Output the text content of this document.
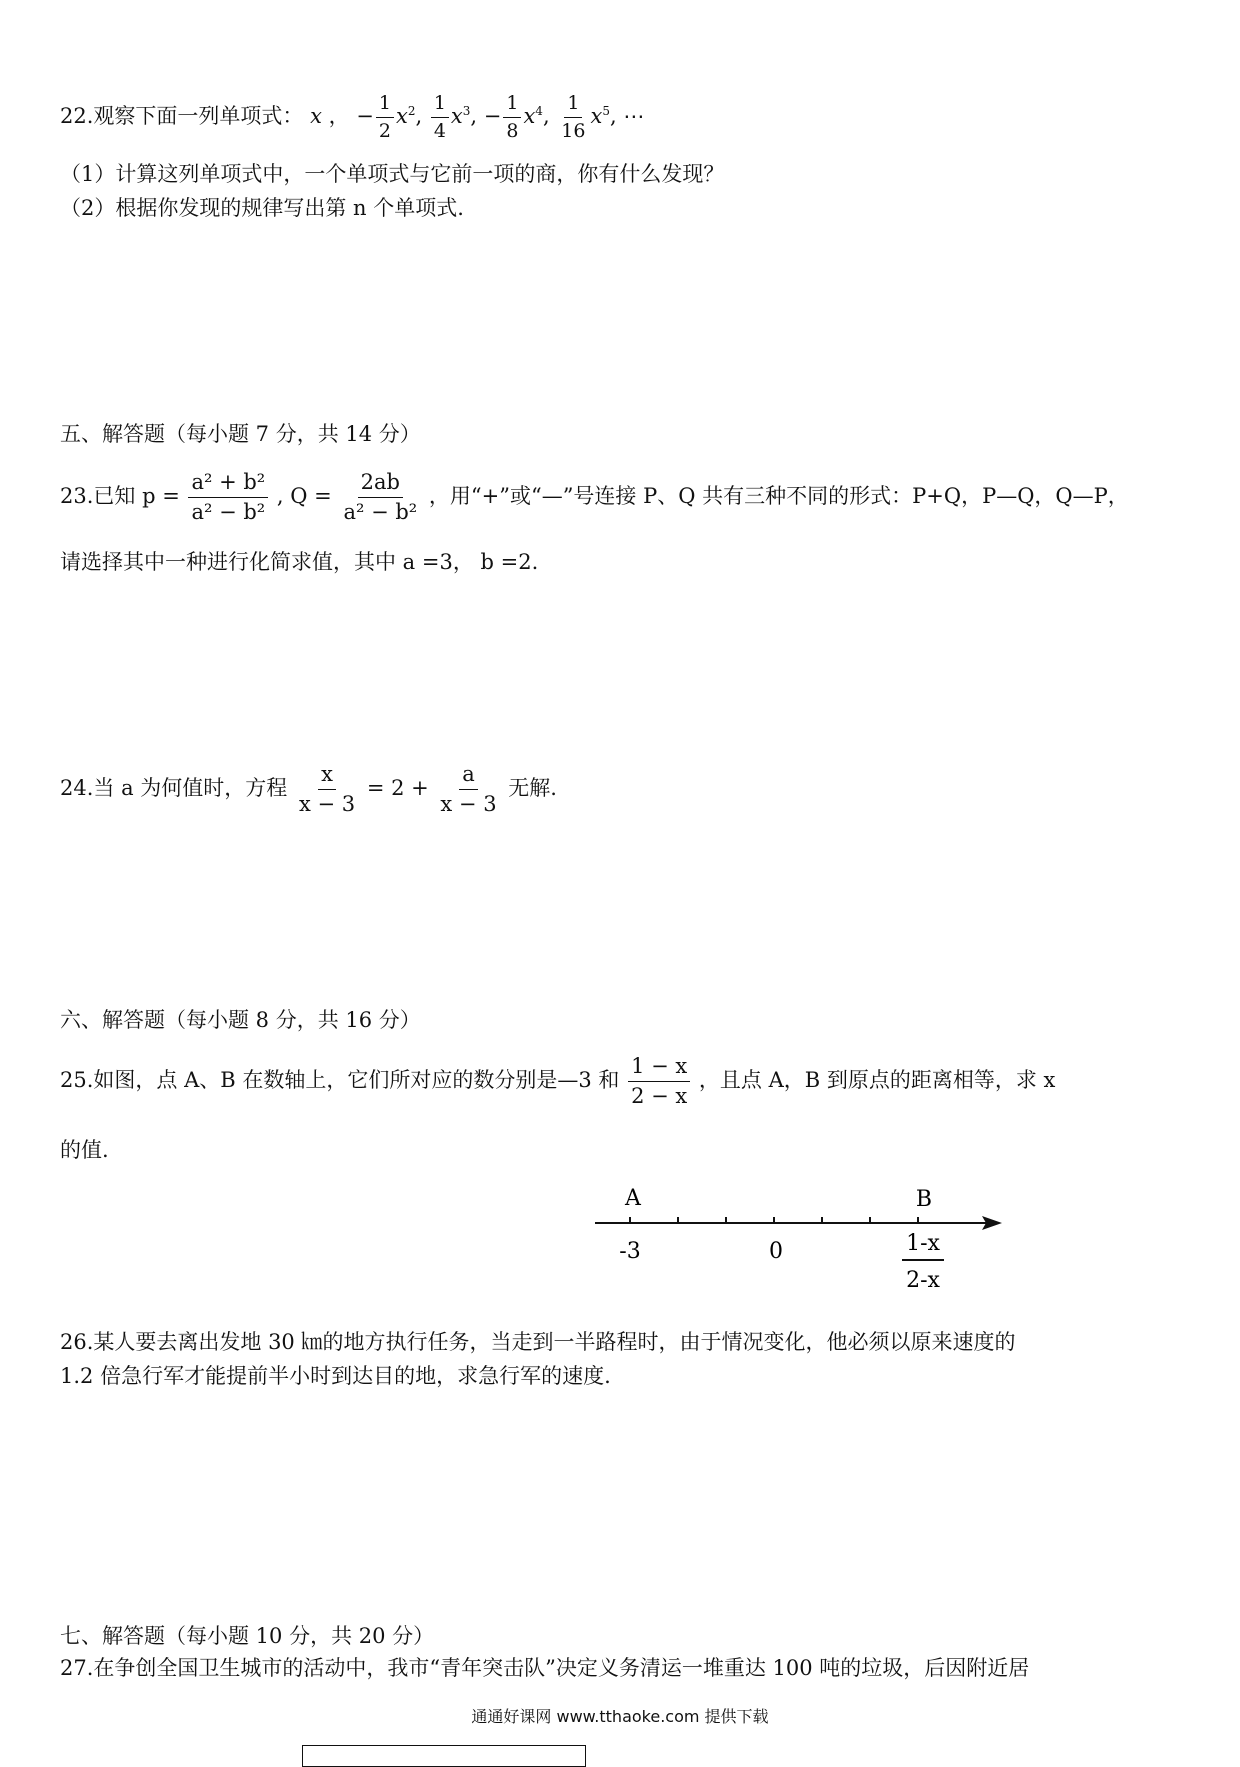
22.观察下面一列单项式： x ， − $\frac{1}{2} x^2$, $\frac{1}{4} x^3$, − $\frac{1}{8} x^4$, $\frac{1}{16} x^5$, ⋯
（1）计算这列单项式中，一个单项式与它前一项的商，你有什么发现？
（2）根据你发现的规律写出第 n 个单项式.
五、解答题（每小题 7 分，共 14 分）
23.已知 $p = \frac{\text{a² + b²}}{\text{a² − b²}}$ , $Q = \frac{2ab}{\text{a² − b²}}$ ，用“+”或“—”号连接 P、Q 共有三种不同的形式：P+Q，P—Q，Q—P，
请选择其中一种进行化简求值，其中 a =3， b =2.
24.当 a 为何值时，方程 $\frac{x}{x - 3} = 2 + \frac{a}{x - 3}$ 无解.
六、解答题（每小题 8 分，共 16 分）
25.如图，点 A、B 在数轴上，它们所对应的数分别是—3 和 $\frac{1 - x}{2 - x}$ ，且点 A，B 到原点的距离相等，求 x
的值.
A	B
-3	0	1-x
2-x
26.某人要去离出发地 30 ㎞的地方执行任务，当走到一半路程时，由于情况变化，他必须以原来速度的
1.2 倍急行军才能提前半小时到达目的地，求急行军的速度.
七、解答题（每小题 10 分，共 20 分）
27.在争创全国卫生城市的活动中，我市“青年突击队”决定义务清运一堆重达 100 吨的垃圾，后因附近居
通通好课网 www.tthaoke.com 提供下载
